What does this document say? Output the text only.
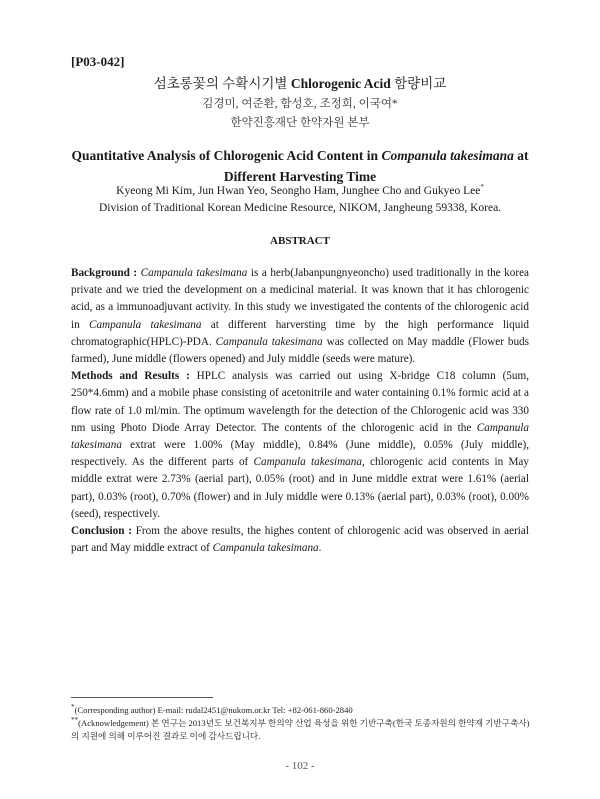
[P03-042]
섬초롱꽃의 수확시기별 Chlorogenic Acid 함량비교
김경미, 여준환, 함성호, 조정희, 이국여*
한약진흥재단 한약자원 본부
Quantitative Analysis of Chlorogenic Acid Content in Companula takesimana at Different Harvesting Time
Kyeong Mi Kim, Jun Hwan Yeo, Seongho Ham, Junghee Cho and Gukyeo Lee*
Division of Traditional Korean Medicine Resource, NIKOM, Jangheung 59338, Korea.
ABSTRACT

Background : Campanula takesimana is a herb(Jabanpungnyeoncho) used traditionally in the korea private and we tried the development on a medicinal material. It was known that it has chlorogenic acid, as a immunoadjuvant activity. In this study we investigated the contents of the chlorogenic acid in Campanula takesimana at different harversting time by the high performance liquid chromatographic(HPLC)-PDA. Campanula takesimana was collected on May maddle (Flower buds farmed), June middle (flowers opened) and July middle (seeds were mature).

Methods and Results : HPLC analysis was carried out using X-bridge C18 column (5um, 250*4.6mm) and a mobile phase consisting of acetonitrile and water containing 0.1% formic acid at a flow rate of 1.0 ml/min. The optimum wavelength for the detection of the Chlorogenic acid was 330 nm using Photo Diode Array Detector. The contents of the chlorogenic acid in the Campanula takesimana extrat were 1.00% (May middle), 0.84% (June middle), 0.05% (July middle), respectively. As the different parts of Campanula takesimana, chlorogenic acid contents in May middle extrat were 2.73% (aerial part), 0.05% (root) and in June middle extrat were 1.61% (aerial part), 0.03% (root), 0.70% (flower) and in July middle were 0.13% (aerial part), 0.03% (root), 0.00% (seed), respectively.

Conclusion : From the above results, the highes content of chlorogenic acid was observed in aerial part and May middle extract of Campanula takesimana.

*(Corresponding author) E-mail: rudal2451@nukom.or.kr Tel: +82-061-860-2840
**(Acknowledgement) 본 연구는 2013년도 보건복지부 한의약 산업 육성을 위한 기반구축(한국 토종자원의 한약재 기반구축사)의 지원에 의해 이루어진 결과로 이에 감사드립니다.
- 102 -
